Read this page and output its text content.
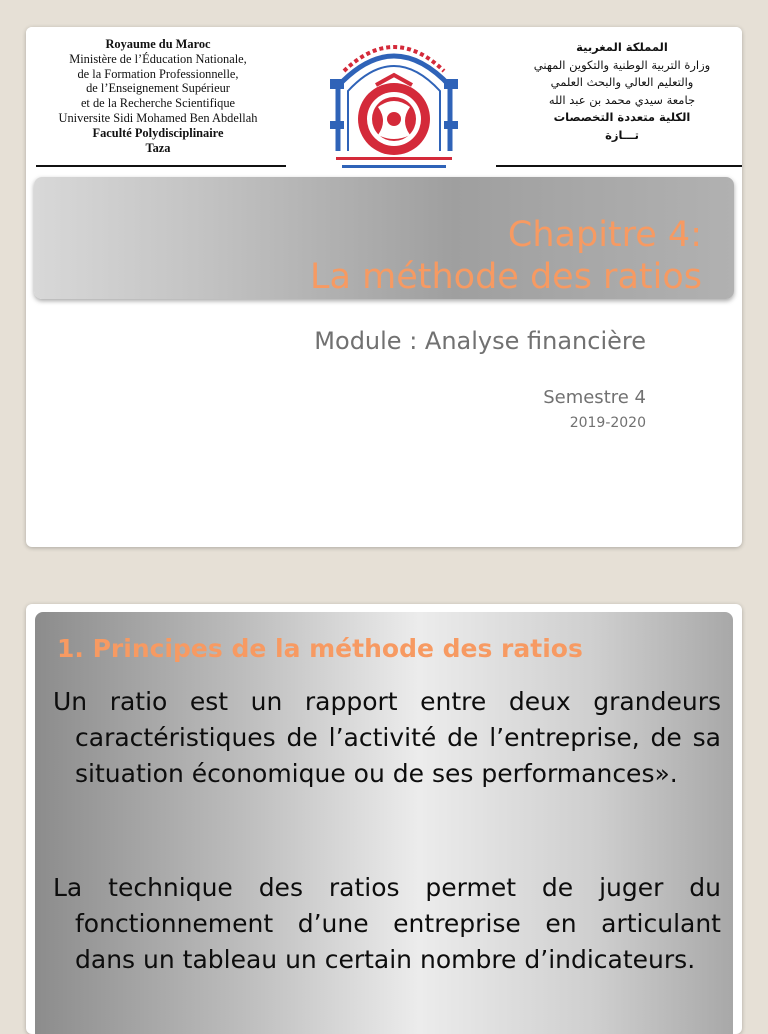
Royaume du Maroc
Ministère de l’Éducation Nationale,
de la Formation Professionnelle,
de l’Enseignement Supérieur
et de la Recherche Scientifique
Universite Sidi Mohamed Ben Abdellah
Faculté Polydisciplinaire
Taza
المملكة المغربية
وزارة التربية الوطنية والتكوين المهني
والتعليم العالي والبحث العلمي
جامعة سيدي محمد بن عبد الله
الكلية متعددة التخصصات
تـــازة
Chapitre 4:
La méthode des ratios
Module : Analyse financière
Semestre 4
2019-2020
1. Principes de la méthode des ratios
Un ratio est un rapport entre deux grandeurs caractéristiques de l’activité de l’entreprise, de sa situation économique ou de ses performances».
La technique des ratios permet de juger du fonctionnement d’une entreprise en articulant dans un tableau un certain nombre d’indicateurs.
